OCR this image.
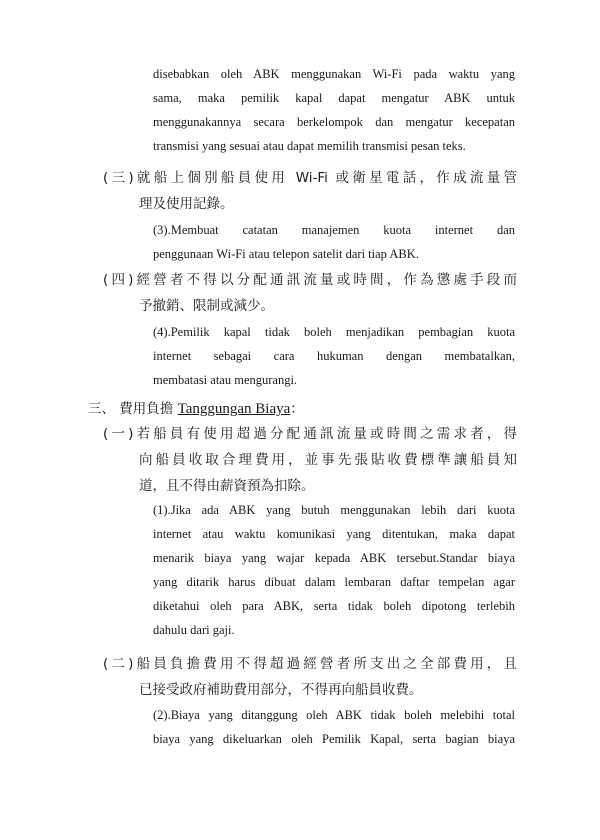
disebabkan oleh ABK menggunakan Wi-Fi pada waktu yang
sama, maka pemilik kapal dapat mengatur ABK untuk
menggunakannya secara berkelompok dan mengatur kecepatan
transmisi yang sesuai atau dapat memilih transmisi pesan teks.
(三)就船上個別船員使用 Wi-Fi 或衛星電話，作成流量管
理及使用記錄。
(3).Membuat catatan manajemen kuota internet dan
penggunaan Wi-Fi atau telepon satelit dari tiap ABK.
(四)經營者不得以分配通訊流量或時間，作為懲處手段而
予撤銷、限制或減少。
(4).Pemilik kapal tidak boleh menjadikan pembagian kuota
internet sebagai cara hukuman dengan membatalkan,
membatasi atau mengurangi.
三、 費用負擔 Tanggungan Biaya：
(一)若船員有使用超過分配通訊流量或時間之需求者，得
向船員收取合理費用，並事先張貼收費標準讓船員知
道，且不得由薪資預為扣除。
(1).Jika ada ABK yang butuh menggunakan lebih dari kuota
internet atau waktu komunikasi yang ditentukan, maka dapat
menarik biaya yang wajar kepada ABK tersebut.Standar biaya
yang ditarik harus dibuat dalam lembaran daftar tempelan agar
diketahui oleh para ABK, serta tidak boleh dipotong terlebih
dahulu dari gaji.
(二)船員負擔費用不得超過經營者所支出之全部費用，且
已接受政府補助費用部分，不得再向船員收費。
(2).Biaya yang ditanggung oleh ABK tidak boleh melebihi total
biaya yang dikeluarkan oleh Pemilik Kapal, serta bagian biaya
